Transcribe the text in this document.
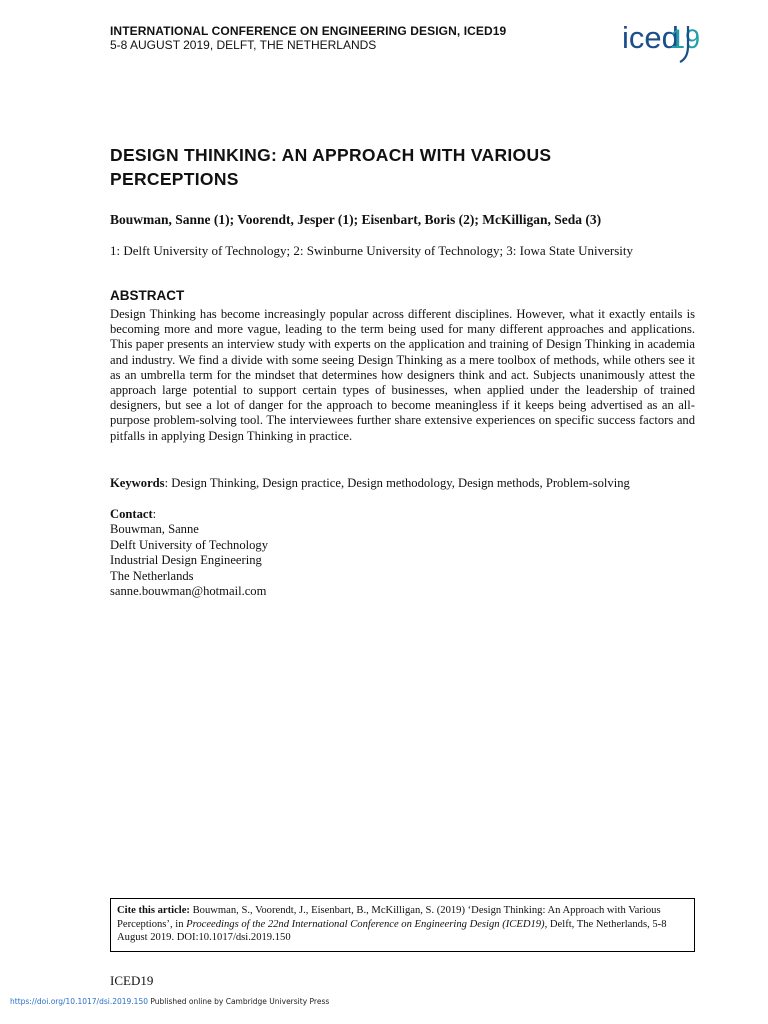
INTERNATIONAL CONFERENCE ON ENGINEERING DESIGN, ICED19
5-8 AUGUST 2019, DELFT, THE NETHERLANDS	iced
19
DESIGN THINKING: AN APPROACH WITH VARIOUS PERCEPTIONS
Bouwman, Sanne (1); Voorendt, Jesper (1); Eisenbart, Boris (2); McKilligan, Seda (3)
1: Delft University of Technology; 2: Swinburne University of Technology; 3: Iowa State University
ABSTRACT
Design Thinking has become increasingly popular across different disciplines. However, what it exactly entails is becoming more and more vague, leading to the term being used for many different approaches and applications. This paper presents an interview study with experts on the application and training of Design Thinking in academia and industry. We find a divide with some seeing Design Thinking as a mere toolbox of methods, while others see it as an umbrella term for the mindset that determines how designers think and act. Subjects unanimously attest the approach large potential to support certain types of businesses, when applied under the leadership of trained designers, but see a lot of danger for the approach to become meaningless if it keeps being advertised as an all-purpose problem-solving tool. The interviewees further share extensive experiences on specific success factors and pitfalls in applying Design Thinking in practice.
Keywords: Design Thinking, Design practice, Design methodology, Design methods, Problem-solving
Contact:
Bouwman, Sanne
Delft University of Technology
Industrial Design Engineering
The Netherlands
sanne.bouwman@hotmail.com
Cite this article: Bouwman, S., Voorendt, J., Eisenbart, B., McKilligan, S. (2019) ‘Design Thinking: An Approach with Various Perceptions’, in Proceedings of the 22nd International Conference on Engineering Design (ICED19), Delft, The Netherlands, 5-8 August 2019. DOI:10.1017/dsi.2019.150
ICED19
https://doi.org/10.1017/dsi.2019.150 Published online by Cambridge University Press
